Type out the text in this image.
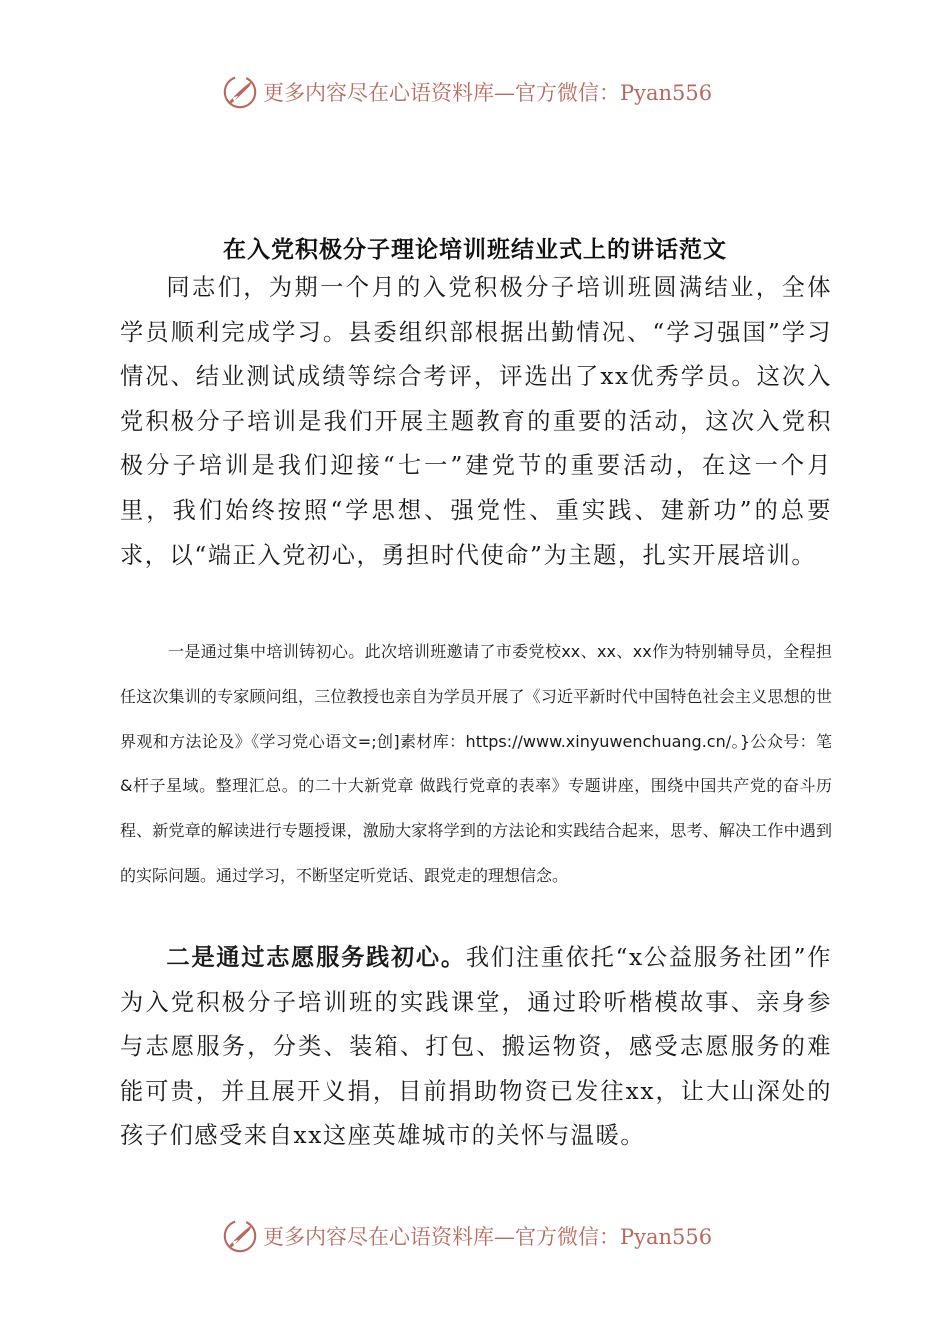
更多内容尽在心语资料库—官方微信：Pyan556
在入党积极分子理论培训班结业式上的讲话范文

同志们，为期一个月的入党积极分子培训班圆满结业，全体学员顺利完成学习。县委组织部根据出勤情况、“学习强国”学习情况、结业测试成绩等综合考评，评选出了xx优秀学员。这次入党积极分子培训是我们开展主题教育的重要的活动，这次入党积极分子培训是我们迎接“七一”建党节的重要活动，在这一个月里，我们始终按照“学思想、强党性、重实践、建新功”的总要求，以“端正入党初心，勇担时代使命”为主题，扎实开展培训。

一是通过集中培训铸初心。此次培训班邀请了市委党校xx、xx、xx作为特别辅导员，全程担任这次集训的专家顾问组，三位教授也亲自为学员开展了《习近平新时代中国特色社会主义思想的世界观和方法论及》《学习党心语文=;创]素材库：https://www.xinyuwenchuang.cn/。}公众号：笔&杆子星域。整理汇总。的二十大新党章 做践行党章的表率》专题讲座，围绕中国共产党的奋斗历程、新党章的解读进行专题授课，激励大家将学到的方法论和实践结合起来，思考、解决工作中遇到的实际问题。通过学习，不断坚定听党话、跟党走的理想信念。

二是通过志愿服务践初心。我们注重依托“x公益服务社团”作为入党积极分子培训班的实践课堂，通过聆听楷模故事、亲身参与志愿服务，分类、装箱、打包、搬运物资，感受志愿服务的难能可贵，并且展开义捐，目前捐助物资已发往xx，让大山深处的孩子们感受来自xx这座英雄城市的关怀与温暖。

更多内容尽在心语资料库—官方微信：Pyan556
